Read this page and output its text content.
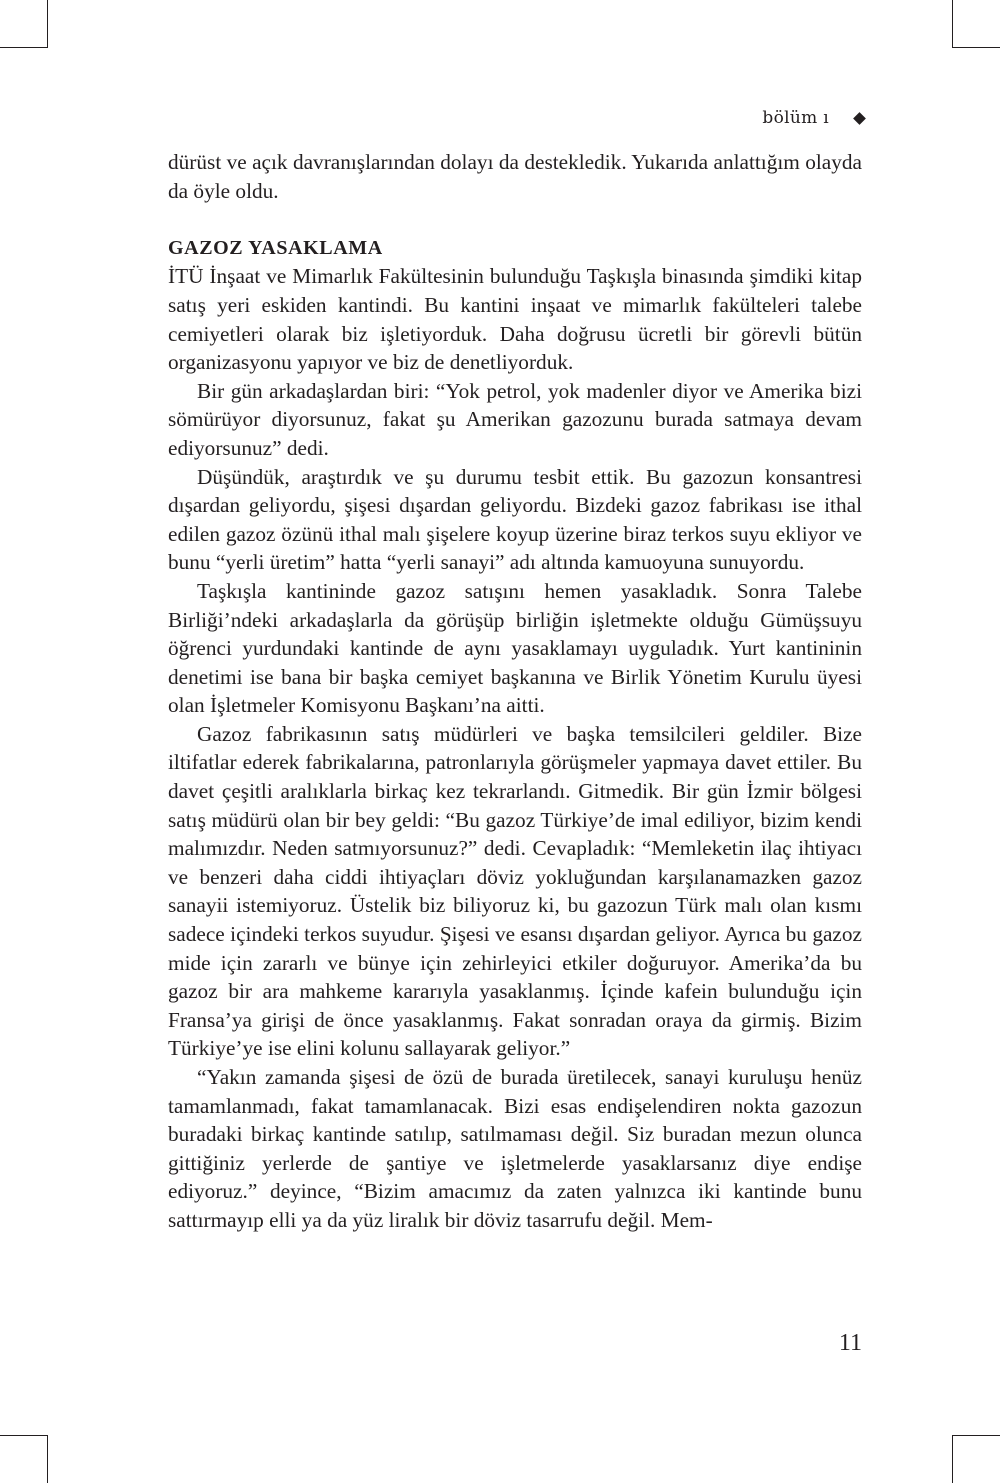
bölüm ı

dürüst ve açık davranışlarından dolayı da destekledik. Yukarıda anlattığım olayda da öyle oldu.

GAZOZ YASAKLAMA

İTÜ İnşaat ve Mimarlık Fakültesinin bulunduğu Taşkışla binasında şimdiki kitap satış yeri eskiden kantindi. Bu kantini inşaat ve mimarlık fakülteleri talebe cemiyetleri olarak biz işletiyorduk. Daha doğrusu ücretli bir görevli bütün organizasyonu yapıyor ve biz de denetliyorduk.

Bir gün arkadaşlardan biri: “Yok petrol, yok madenler diyor ve Amerika bizi sömürüyor diyorsunuz, fakat şu Amerikan gazozunu burada satmaya devam ediyorsunuz” dedi.

Düşündük, araştırdık ve şu durumu tesbit ettik. Bu gazozun konsantresi dışardan geliyordu, şişesi dışardan geliyordu. Bizdeki gazoz fabrikası ise ithal edilen gazoz özünü ithal malı şişelere koyup üzerine biraz terkos suyu ekliyor ve bunu “yerli üretim” hatta “yerli sanayi” adı altında kamuoyuna sunuyordu.

Taşkışla kantininde gazoz satışını hemen yasakladık. Sonra Talebe Birliği’ndeki arkadaşlarla da görüşüp birliğin işletmekte olduğu Gümüşsuyu öğrenci yurdundaki kantinde de aynı yasaklamayı uyguladık. Yurt kantininin denetimi ise bana bir başka cemiyet başkanına ve Birlik Yönetim Kurulu üyesi olan İşletmeler Komisyonu Başkanı’na aitti.

Gazoz fabrikasının satış müdürleri ve başka temsilcileri geldiler. Bize iltifatlar ederek fabrikalarına, patronlarıyla görüşmeler yapmaya davet ettiler. Bu davet çeşitli aralıklarla birkaç kez tekrarlandı. Gitmedik. Bir gün İzmir bölgesi satış müdürü olan bir bey geldi: “Bu gazoz Türkiye’de imal ediliyor, bizim kendi malımızdır. Neden satmıyorsunuz?” dedi. Cevapladık: “Memleketin ilaç ihtiyacı ve benzeri daha ciddi ihtiyaçları döviz yokluğundan karşılanamazken gazoz sanayii istemiyoruz. Üstelik biz biliyoruz ki, bu gazozun Türk malı olan kısmı sadece içindeki terkos suyudur. Şişesi ve esansı dışardan geliyor. Ayrıca bu gazoz mide için zararlı ve bünye için zehirleyici etkiler doğuruyor. Amerika’da bu gazoz bir ara mahkeme kararıyla yasaklanmış. İçinde kafein bulunduğu için Fransa’ya girişi de önce yasaklanmış. Fakat sonradan oraya da girmiş. Bizim Türkiye’ye ise elini kolunu sallayarak geliyor.”

“Yakın zamanda şişesi de özü de burada üretilecek, sanayi kuruluşu henüz tamamlanmadı, fakat tamamlanacak. Bizi esas endişelendiren nokta gazozun buradaki birkaç kantinde satılıp, satılmaması değil. Siz buradan mezun olunca gittiğiniz yerlerde de şantiye ve işletmelerde yasaklarsanız diye endişe ediyoruz.” deyince, “Bizim amacımız da zaten yalnızca iki kantinde bunu sattırmayıp elli ya da yüz liralık bir döviz tasarrufu değil. Mem-

11
